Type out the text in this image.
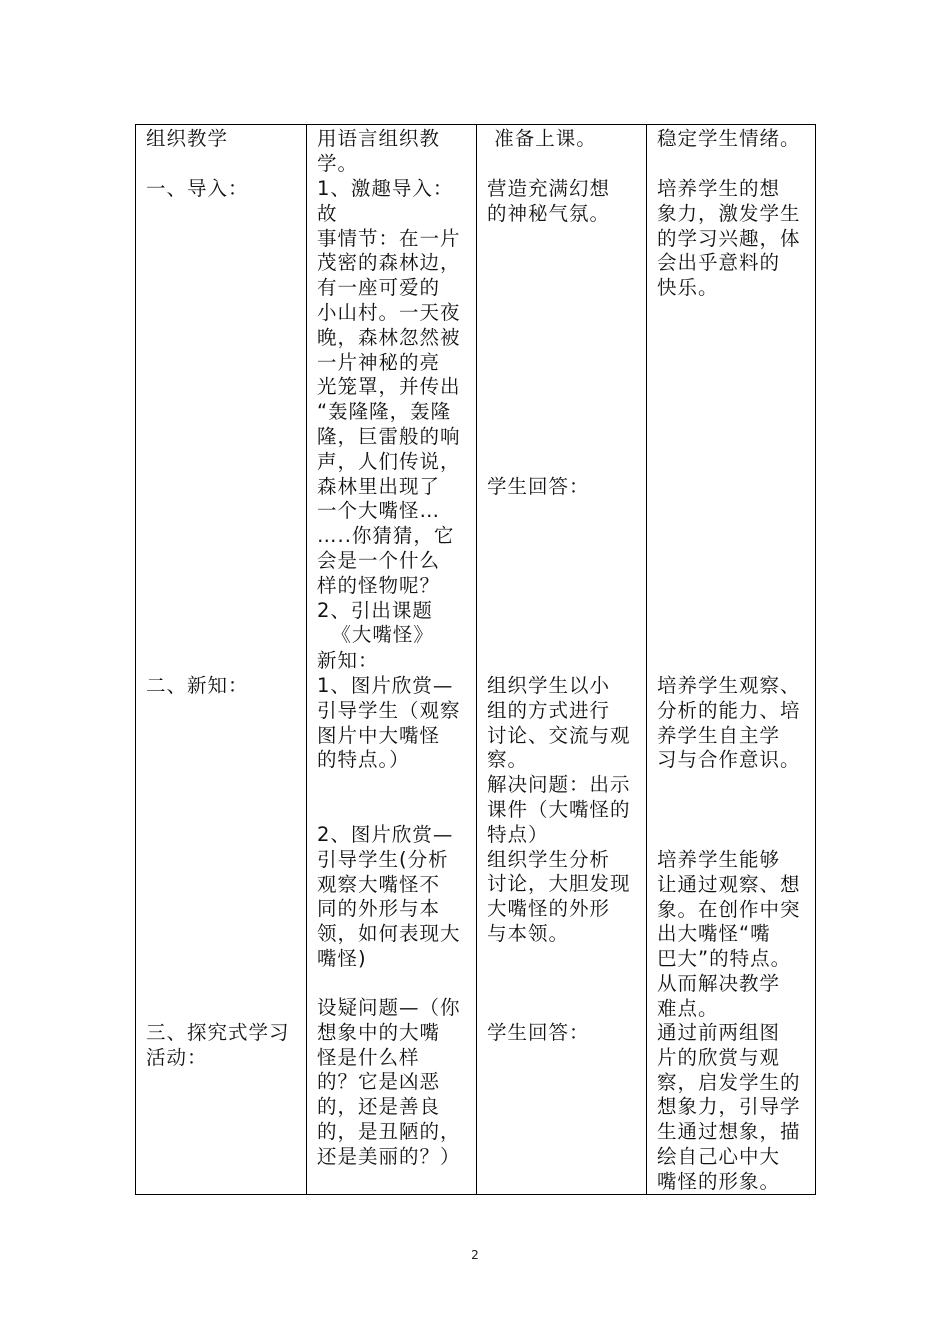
组织教学

一、导入：

二、新知：

三、探究式学习
活动：

用语言组织教
学。

1、激趣导入：故
事情节：在一片
茂密的森林边，
有一座可爱的
小山村。一天夜
晚，森林忽然被
一片神秘的亮
光笼罩，并传出
“轰隆隆，轰隆
隆，巨雷般的响
声，人们传说，
森林里出现了
一个大嘴怪…
…..你猜猜，它
会是一个什么
样的怪物呢？
2、引出课题
《大嘴怪》

新知：

1、图片欣赏—
引导学生（观察
图片中大嘴怪
的特点。）

2、图片欣赏—
引导学生(分析
观察大嘴怪不
同的外形与本
领，如何表现大
嘴怪)

设疑问题—（你
想象中的大嘴
怪是什么样
的？它是凶恶
的，还是善良
的，是丑陋的，
还是美丽的？）

准备上课。

营造充满幻想
的神秘气氛。

学生回答：

组织学生以小
组的方式进行
讨论、交流与观
察。
解决问题：出示
课件（大嘴怪的
特点）
组织学生分析
讨论，大胆发现
大嘴怪的外形
与本领。

学生回答：

稳定学生情绪。

培养学生的想
象力，激发学生
的学习兴趣，体
会出乎意料的
快乐。

培养学生观察、
分析的能力、培
养学生自主学
习与合作意识。

培养学生能够
让通过观察、想
象。在创作中突
出大嘴怪“嘴
巴大”的特点。
从而解决教学
难点。

通过前两组图
片的欣赏与观
察，启发学生的
想象力，引导学
生通过想象，描
绘自己心中大
嘴怪的形象。

2
